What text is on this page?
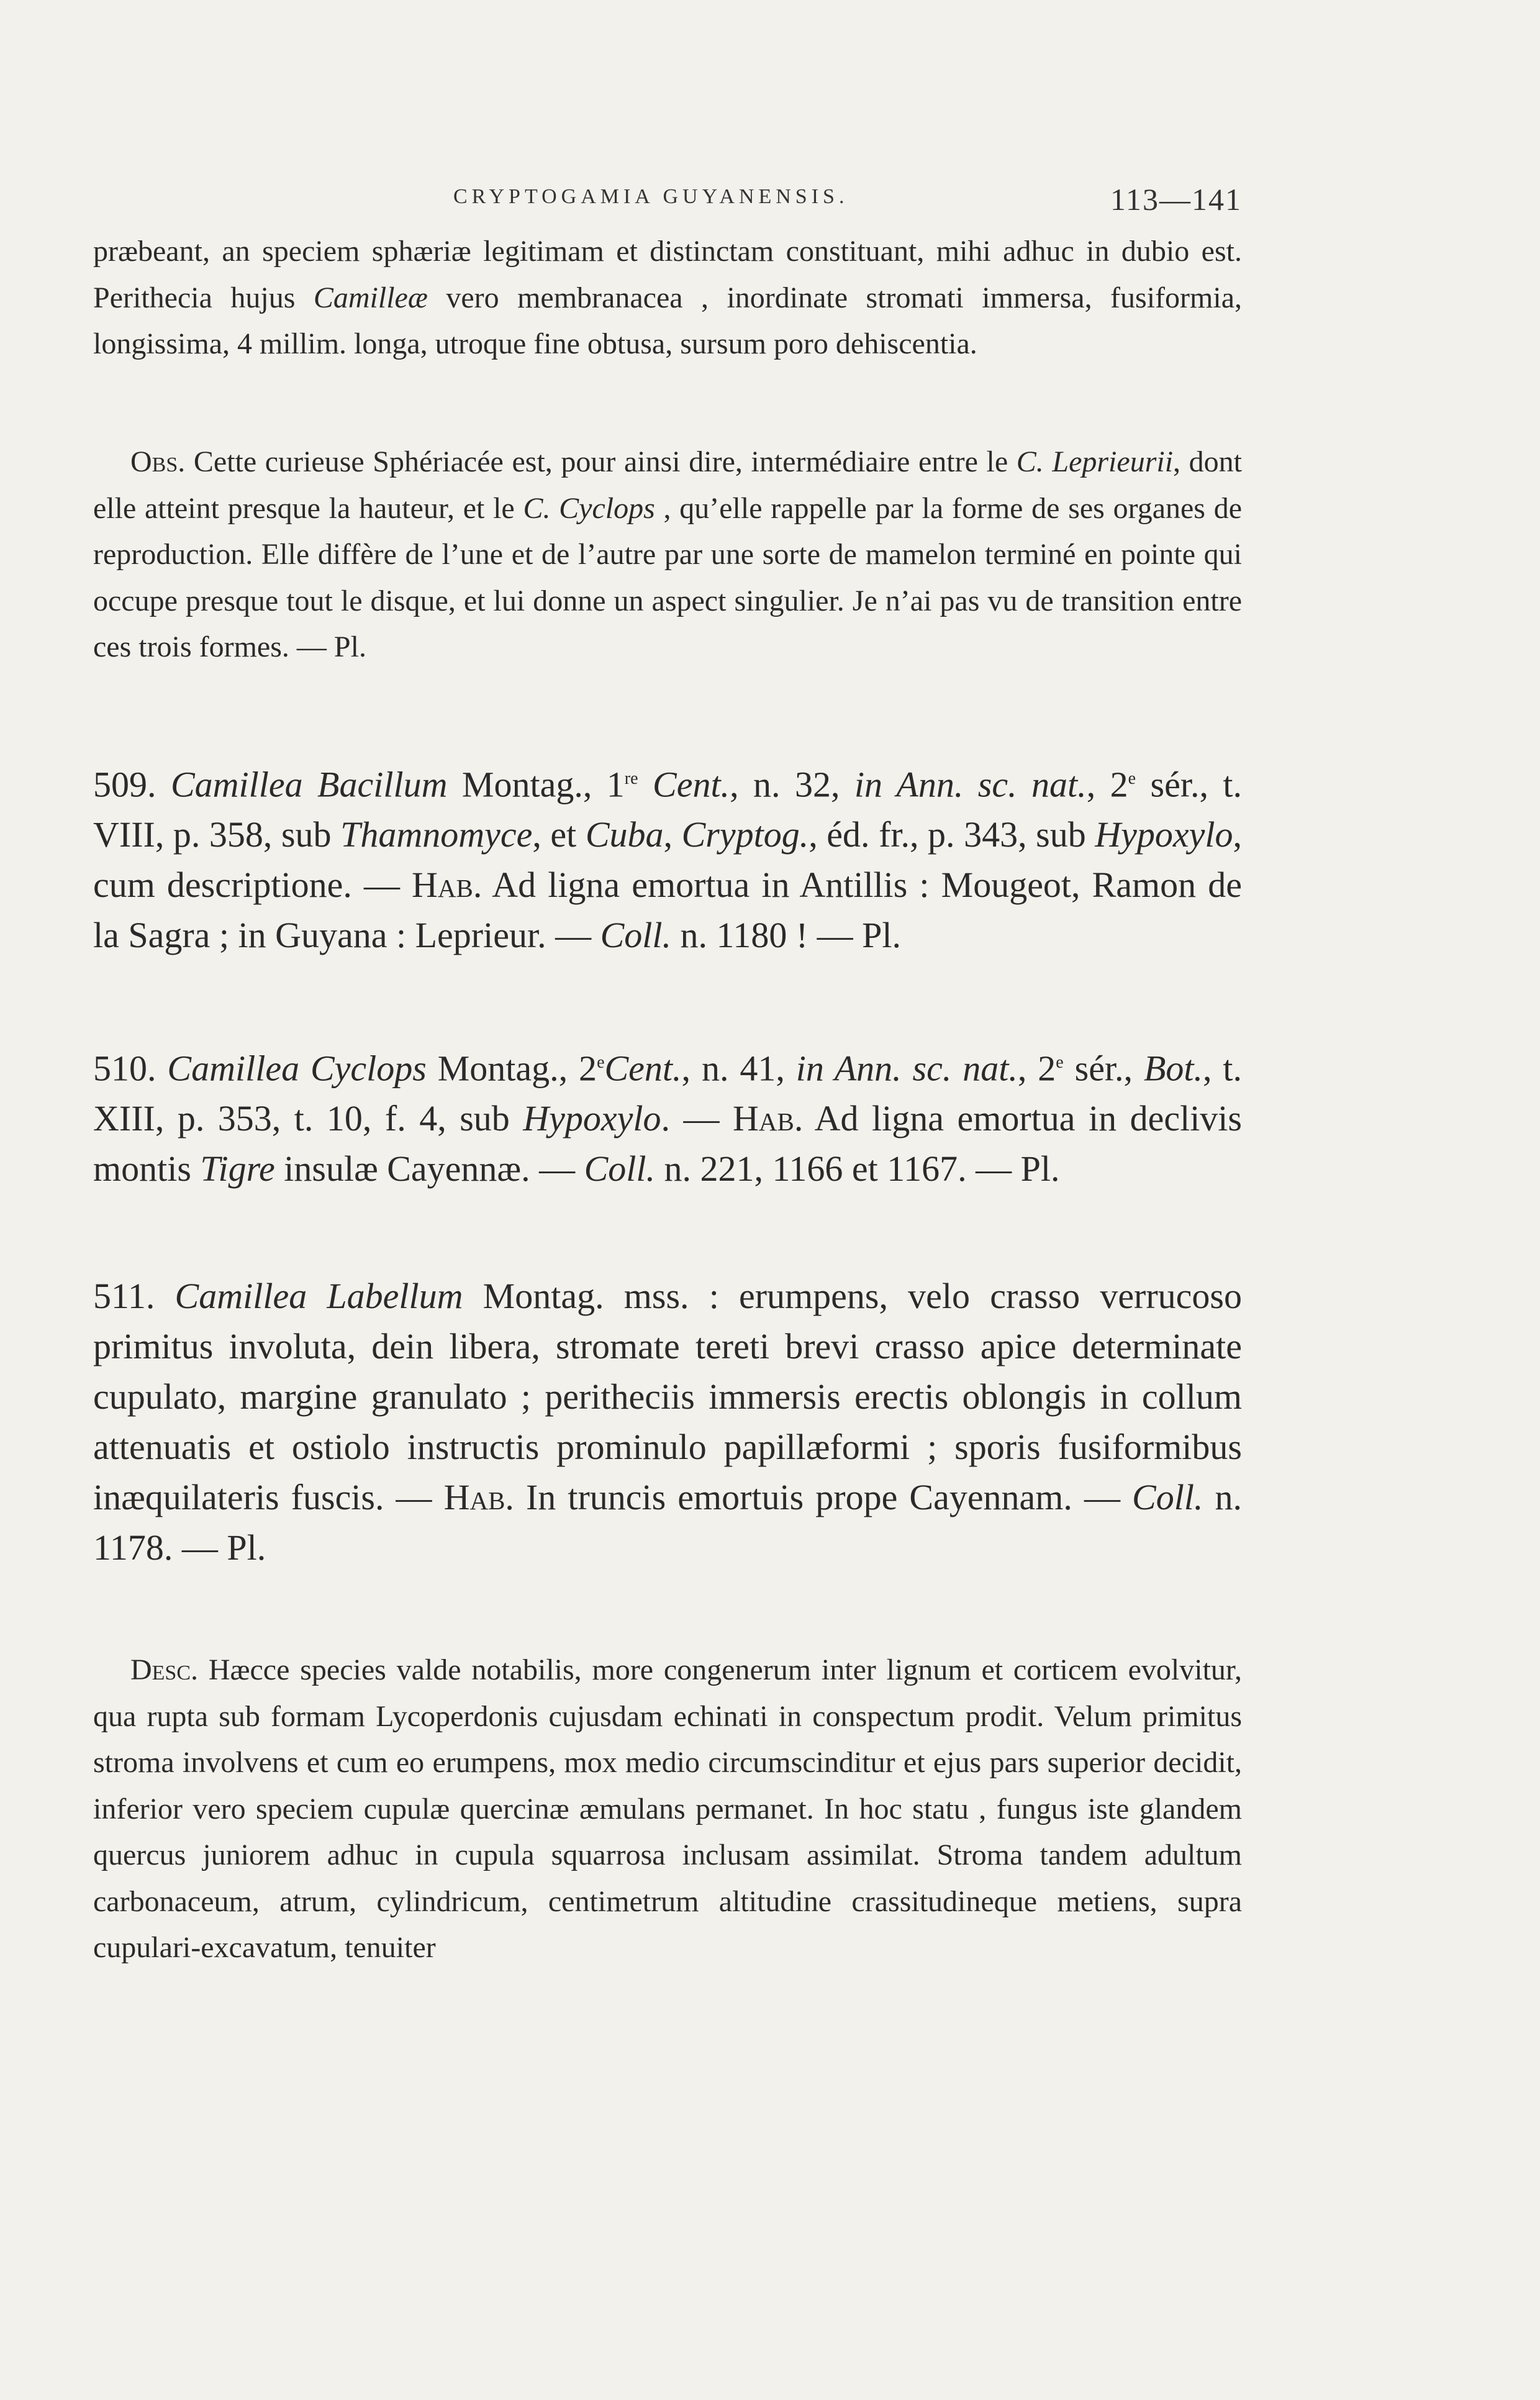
CRYPTOGAMIA GUYANENSIS.	113—141

præbeant, an speciem sphæriæ legitimam et distinctam constituant, mihi adhuc in dubio est. Perithecia hujus Camilleæ vero membranacea , inordinate stromati immersa, fusiformia, longissima, 4 millim. longa, utroque fine obtusa, sursum poro dehiscentia.

Obs. Cette curieuse Sphériacée est, pour ainsi dire, intermédiaire entre le C. Leprieurii, dont elle atteint presque la hauteur, et le C. Cyclops , qu’elle rappelle par la forme de ses organes de reproduction. Elle diffère de l’une et de l’autre par une sorte de mamelon terminé en pointe qui occupe presque tout le disque, et lui donne un aspect singulier. Je n’ai pas vu de transition entre ces trois formes. — Pl.

509. Camillea Bacillum Montag., 1re Cent., n. 32, in Ann. sc. nat., 2e sér., t. VIII, p. 358, sub Thamnomyce, et Cuba, Cryptog., éd. fr., p. 343, sub Hypoxylo, cum descriptione. — Hab. Ad ligna emortua in Antillis : Mougeot, Ramon de la Sagra ; in Guyana : Leprieur. — Coll. n. 1180 ! — Pl.

510. Camillea Cyclops Montag., 2eCent., n. 41, in Ann. sc. nat., 2e sér., Bot., t. XIII, p. 353, t. 10, f. 4, sub Hypoxylo. — Hab. Ad ligna emortua in declivis montis Tigre insulæ Cayennæ. — Coll. n. 221, 1166 et 1167. — Pl.

511. Camillea Labellum Montag. mss. : erumpens, velo crasso verrucoso primitus involuta, dein libera, stromate tereti brevi crasso apice determinate cupulato, margine granulato ; peritheciis immersis erectis oblongis in collum attenuatis et ostiolo instructis prominulo papillæformi ; sporis fusiformibus inæquilateris fuscis. — Hab. In truncis emortuis prope Cayennam. — Coll. n. 1178. — Pl.

Desc. Hæcce species valde notabilis, more congenerum inter lignum et corticem evolvitur, qua rupta sub formam Lycoperdonis cujusdam echinati in conspectum prodit. Velum primitus stroma involvens et cum eo erumpens, mox medio circumscinditur et ejus pars superior decidit, inferior vero speciem cupulæ quercinæ æmulans permanet. In hoc statu , fungus iste glandem quercus juniorem adhuc in cupula squarrosa inclusam assimilat. Stroma tandem adultum carbonaceum, atrum, cylindricum, centimetrum altitudine crassitudineque metiens, supra cupulari-excavatum, tenuiter
